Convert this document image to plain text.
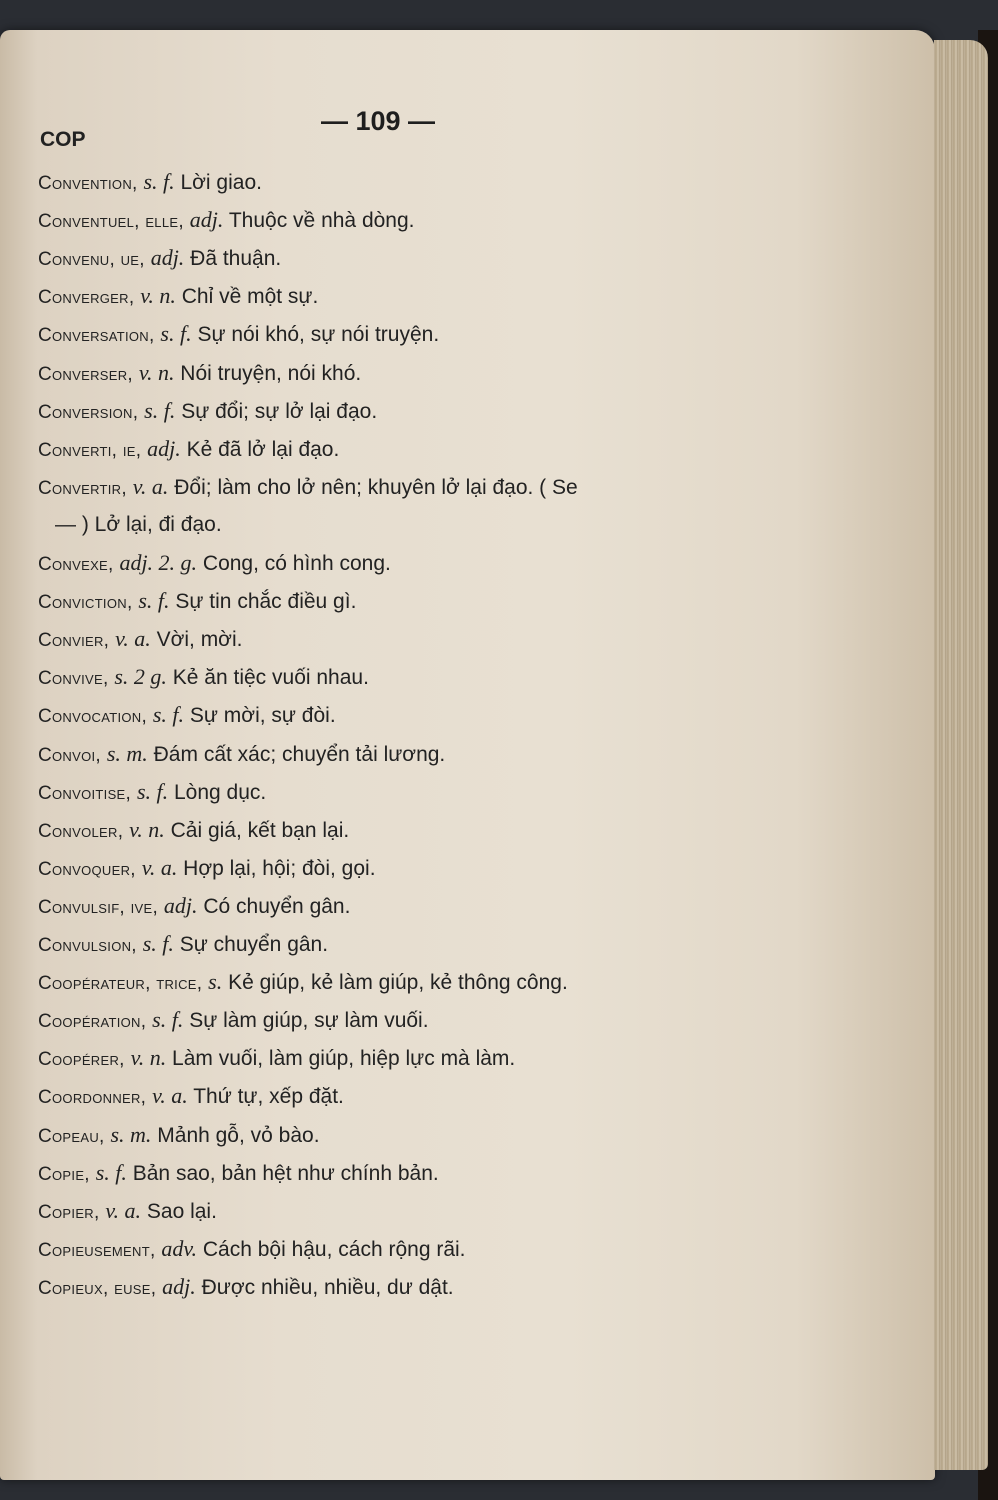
COP
— 109 —
Convention, s. f. Lời giao.
Conventuel, elle, adj. Thuộc về nhà dòng.
Convenu, ue, adj. Đã thuận.
Converger, v. n. Chỉ về một sự.
Conversation, s. f. Sự nói khó, sự nói truyện.
Converser, v. n. Nói truyện, nói khó.
Conversion, s. f. Sự đổi; sự lở lại đạo.
Converti, ie, adj. Kẻ đã lở lại đạo.
Convertir, v. a. Đổi; làm cho lở nên; khuyên lở lại đạo. ( Se
— ) Lở lại, đi đạo.
Convexe, adj. 2. g. Cong, có hình cong.
Conviction, s. f. Sự tin chắc điều gì.
Convier, v. a. Vời, mời.
Convive, s. 2 g. Kẻ ăn tiệc vuối nhau.
Convocation, s. f. Sự mời, sự đòi.
Convoi, s. m. Đám cất xác; chuyển tải lương.
Convoitise, s. f. Lòng dục.
Convoler, v. n. Cải giá, kết bạn lại.
Convoquer, v. a. Hợp lại, hội; đòi, gọi.
Convulsif, ive, adj. Có chuyển gân.
Convulsion, s. f. Sự chuyển gân.
Coopérateur, trice, s. Kẻ giúp, kẻ làm giúp, kẻ thông công.
Coopération, s. f. Sự làm giúp, sự làm vuối.
Coopérer, v. n. Làm vuối, làm giúp, hiệp lực mà làm.
Coordonner, v. a. Thứ tự, xếp đặt.
Copeau, s. m. Mảnh gỗ, vỏ bào.
Copie, s. f. Bản sao, bản hệt như chính bản.
Copier, v. a. Sao lại.
Copieusement, adv. Cách bội hậu, cách rộng rãi.
Copieux, euse, adj. Được nhiều, nhiều, dư dật.
